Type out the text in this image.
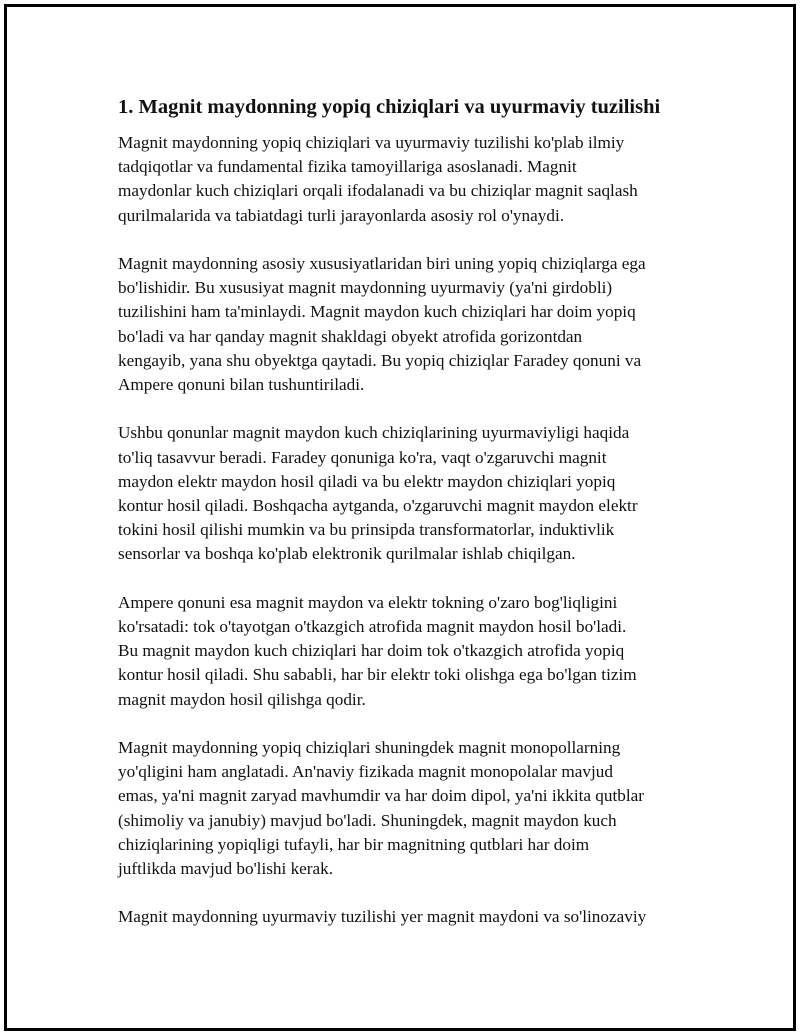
1. Magnit maydonning yopiq chiziqlari va uyurmaviy tuzilishi

Magnit maydonning yopiq chiziqlari va uyurmaviy tuzilishi ko'plab ilmiy
tadqiqotlar va fundamental fizika tamoyillariga asoslanadi. Magnit
maydonlar kuch chiziqlari orqali ifodalanadi va bu chiziqlar magnit saqlash
qurilmalarida va tabiatdagi turli jarayonlarda asosiy rol o'ynaydi.

Magnit maydonning asosiy xususiyatlaridan biri uning yopiq chiziqlarga ega
bo'lishidir. Bu xususiyat magnit maydonning uyurmaviy (ya'ni girdobli)
tuzilishini ham ta'minlaydi. Magnit maydon kuch chiziqlari har doim yopiq
bo'ladi va har qanday magnit shakldagi obyekt atrofida gorizontdan
kengayib, yana shu obyektga qaytadi. Bu yopiq chiziqlar Faradey qonuni va
Ampere qonuni bilan tushuntiriladi.

Ushbu qonunlar magnit maydon kuch chiziqlarining uyurmaviyligi haqida
to'liq tasavvur beradi. Faradey qonuniga ko'ra, vaqt o'zgaruvchi magnit
maydon elektr maydon hosil qiladi va bu elektr maydon chiziqlari yopiq
kontur hosil qiladi. Boshqacha aytganda, o'zgaruvchi magnit maydon elektr
tokini hosil qilishi mumkin va bu prinsipda transformatorlar, induktivlik
sensorlar va boshqa ko'plab elektronik qurilmalar ishlab chiqilgan.

Ampere qonuni esa magnit maydon va elektr tokning o'zaro bog'liqligini
ko'rsatadi: tok o'tayotgan o'tkazgich atrofida magnit maydon hosil bo'ladi.
Bu magnit maydon kuch chiziqlari har doim tok o'tkazgich atrofida yopiq
kontur hosil qiladi. Shu sababli, har bir elektr toki olishga ega bo'lgan tizim
magnit maydon hosil qilishga qodir.

Magnit maydonning yopiq chiziqlari shuningdek magnit monopollarning
yo'qligini ham anglatadi. An'naviy fizikada magnit monopolalar mavjud
emas, ya'ni magnit zaryad mavhumdir va har doim dipol, ya'ni ikkita qutblar
(shimoliy va janubiy) mavjud bo'ladi. Shuningdek, magnit maydon kuch
chiziqlarining yopiqligi tufayli, har bir magnitning qutblari har doim
juftlikda mavjud bo'lishi kerak.

Magnit maydonning uyurmaviy tuzilishi yer magnit maydoni va so'linozaviy
